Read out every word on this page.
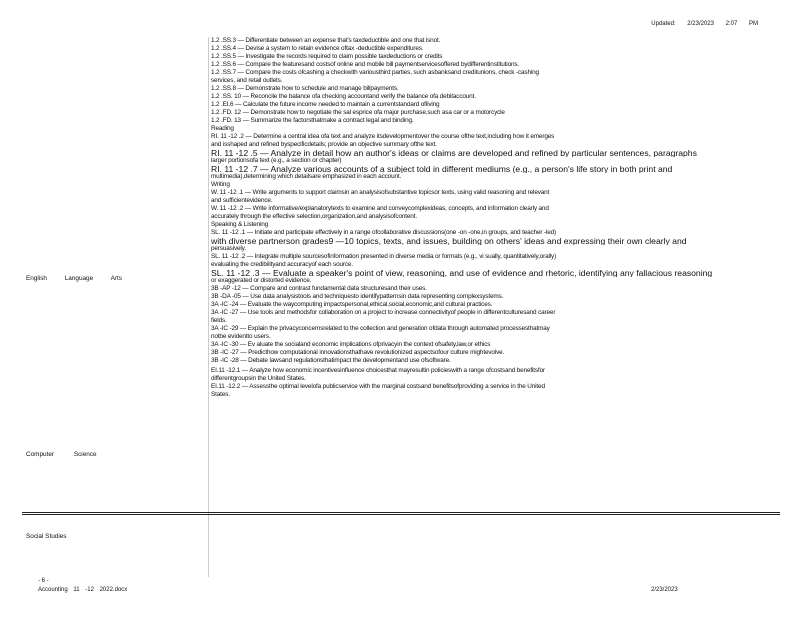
Updated: 2/23/2023 2:07 PM
English Language Arts
Computer Science
Social Studies
1.2 .SS.3 — Differentiate between an expense that's taxdeductible and one that isnot.
1.2 .SS.4 — Devise a system to retain evidence oftax -deductible expenditures.
1.2 .SS.5 — Investigate the records required to claim possible taxdeductions or credits
1.2 .SS.6 — Compare the featuresand costsof online and mobile bill paymentservicesoffered bydifferentinstitutions.
1.2 .SS.7 — Compare the costs ofcashing a checkwith variousthird parties, such asbanksand creditunions, check -cashing
services, and retail outlets.
1.2 .SS.8 — Demonstrate how to schedule and manage billpayments.
1.2 .SS. 10 — Reconcile the balance ofa checking accountand verify the balance ofa debitaccount.
1.2 .EI.6 — Calculate the future income needed to maintain a currentstandard ofliving
1.2 .FD. 12 — Demonstrate how to negotiate the sal esprice ofa major purchase,such asa car or a motorcycle
1.2 .FD. 13 — Summarize the factorsthatmake a contract legal and binding.
Reading
RI. 11 -12 .2 — Determine a central idea ofa text and analyze itsdevelopmentover the course ofthe text,including how it emerges
and isshaped and refined byspecificdetails; provide an objective summary ofthe text.
RI. 11 -12 .5 — Analyze in detail how an author's ideas or claims are developed and refined by particular sentences, paragraphs
larger portionsofa text (e.g., a section or chapter)
RI. 11 -12 .7 — Analyze various accounts of a subject told in different mediums (e.g., a person's life story in both print and
multimedia),determining which detailsare emphasized in each account.
Writing
W. 11 -12 .1 — Write arguments to support claimsin an analysisofsubstantive topicsor texts, using valid reasoning and relevant
and sufficientevidence.
W. 11 -12 .2 — Write informative/explanatorytexts to examine and conveycomplexideas, concepts, and information clearly and
accurately through the effective selection,organization,and analysisofcontent.
Speaking & Listening
SL. 11 -12 .1 — Initiate and participate effectively in a range ofcollaborative discussions(one -on -one,in groups, and teacher -led)
with diverse partnerson grades9 —10 topics, texts, and issues, building on others' ideas and expressing their own clearly and
persuasively.
SL. 11 -12 .2 — Integrate multiple sourcesofinformation presented in diverse media or formats (e.g., vi sually, quantitatively,orally)
evaluating the credibilityand accuracyof each source.
SL. 11 -12 .3 — Evaluate a speaker's point of view, reasoning, and use of evidence and rhetoric, identifying any fallacious reasoning
or exaggerated or distorted evidence.
3B -AP -12 — Compare and contrast fundamental data structuresand their uses.
3B -DA -05 — Use data analysistools and techniquesto identifypatternsin data representing complexsystems.
3A -IC -24 — Evaluate the waycomputing impactspersonal,ethical,social,economic,and cultural practices.
3A -IC -27 — Use tools and methodsfor collaboration on a project to increase connectivityof people in differentculturesand career
fields.
3A -IC -29 — Explain the privacyconcernsrelated to the collection and generation ofdata through automated processesthatmay
notbe evidentto users.
3A -IC -30 — Ev aluate the socialand economic implications ofprivacyin the context ofsafety,law,or ethics
3B -IC -27 — Predicthow computational innovationsthathave revolutionized aspectsofour culture mightevolve.
3B -IC -28 — Debate lawsand regulationsthatimpact the developmentand use ofsoftware.
EI.11 -12.1 — Analyze how economic incentivesinfluence choicesthat mayresultin policieswith a range ofcostsand benefitsfor
differentgroupsin the United States.
EI.11 -12.2 — Assessthe optimal levelofa publicservice with the marginal costsand benefitsofproviding a service in the United
States.
- 6 -
Accounting 11 -12 2022.docx	2/23/2023
